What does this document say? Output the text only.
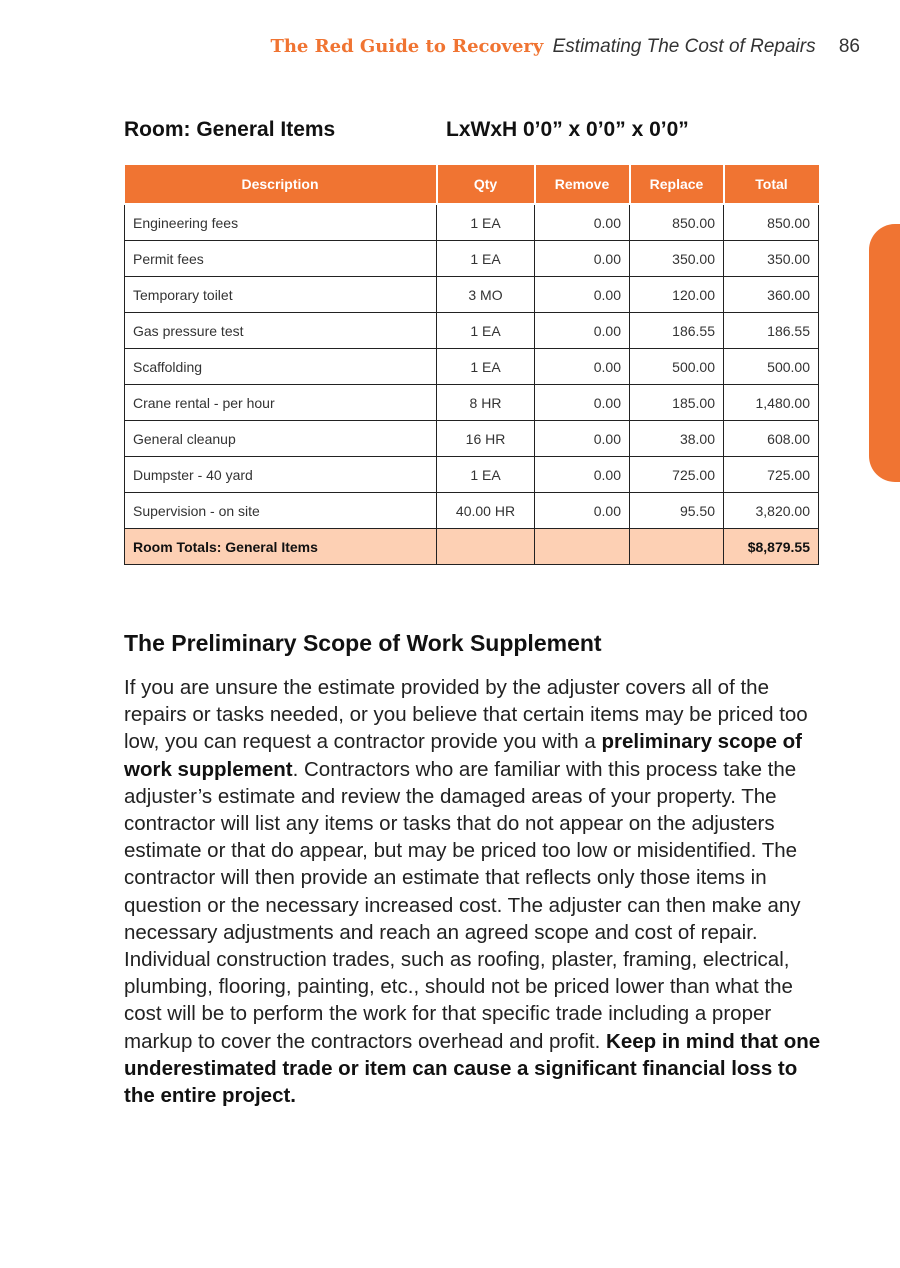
The Red Guide to Recovery Estimating The Cost of Repairs 86
Room: General Items	LxWxH 0’0” x 0’0” x 0’0”
Description	Qty	Remove	Replace	Total
Engineering fees	1 EA	0.00	850.00	850.00
Permit fees	1 EA	0.00	350.00	350.00
Temporary toilet	3 MO	0.00	120.00	360.00
Gas pressure test	1 EA	0.00	186.55	186.55
Scaffolding	1 EA	0.00	500.00	500.00
Crane rental - per hour	8 HR	0.00	185.00	1,480.00
General cleanup	16 HR	0.00	38.00	608.00
Dumpster - 40 yard	1 EA	0.00	725.00	725.00
Supervision - on site	40.00 HR	0.00	95.50	3,820.00
Room Totals: General Items				$8,879.55
The Preliminary Scope of Work Supplement

If you are unsure the estimate provided by the adjuster covers all of the repairs or tasks needed, or you believe that certain items may be priced too low, you can request a contractor provide you with a preliminary scope of work supplement. Contractors who are familiar with this process take the adjuster’s estimate and review the damaged areas of your property. The contractor will list any items or tasks that do not appear on the adjusters estimate or that do appear, but may be priced too low or misidentified. The contractor will then provide an estimate that reflects only those items in question or the necessary increased cost. The adjuster can then make any necessary adjustments and reach an agreed scope and cost of repair. Individual construction trades, such as roofing, plaster, framing, electrical, plumbing, flooring, painting, etc., should not be priced lower than what the cost will be to perform the work for that specific trade including a proper markup to cover the contractors overhead and profit. Keep in mind that one underestimated trade or item can cause a significant financial loss to the entire project.
